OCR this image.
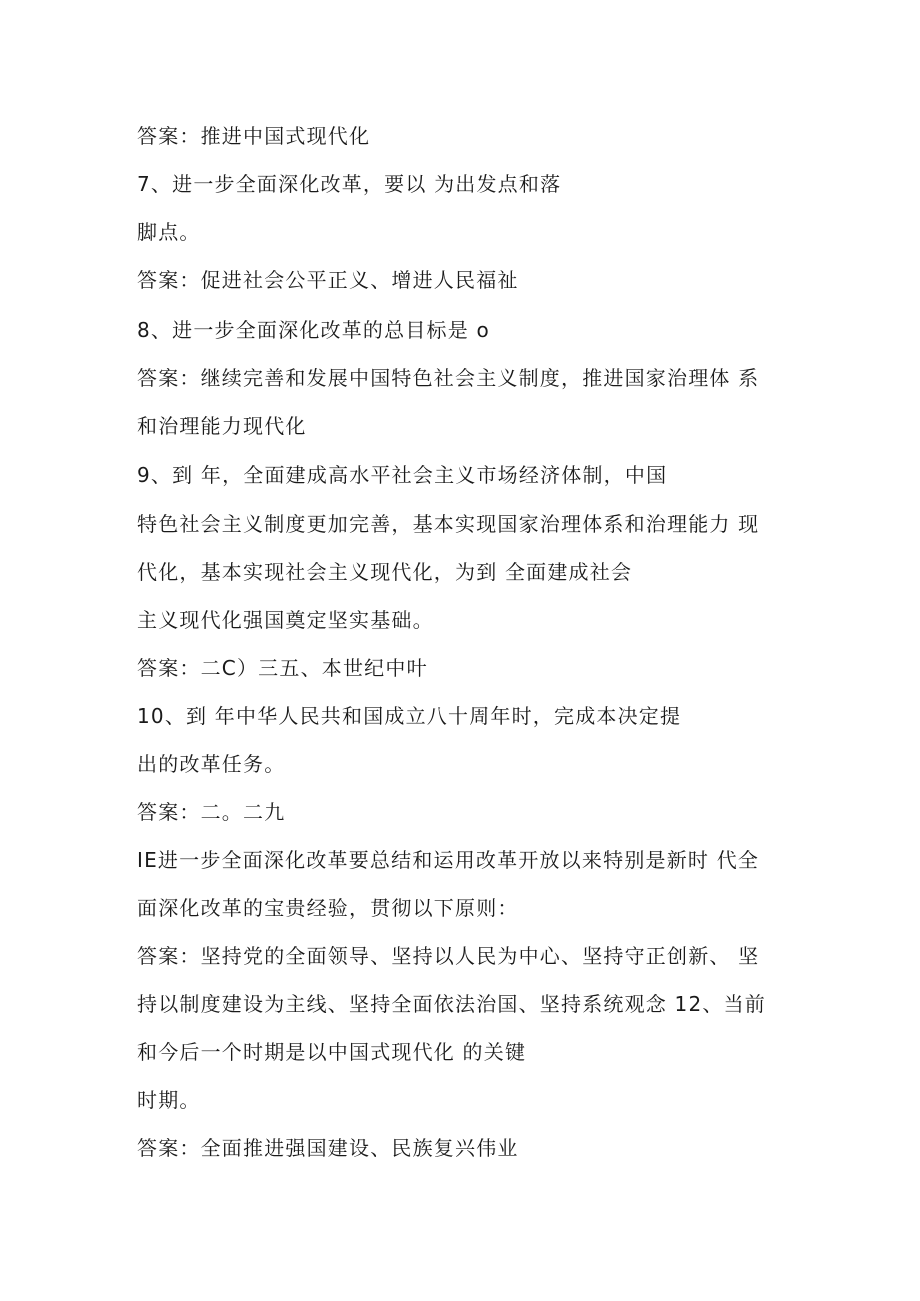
答案：推进中国式现代化
7、进一步全面深化改革，要以 为出发点和落
脚点。
答案：促进社会公平正义、增进人民福祉
8、进一步全面深化改革的总目标是 o
答案：继续完善和发展中国特色社会主义制度，推进国家治理体 系
和治理能力现代化
9、到 年，全面建成高水平社会主义市场经济体制，中国
特色社会主义制度更加完善，基本实现国家治理体系和治理能力 现
代化，基本实现社会主义现代化，为到 全面建成社会
主义现代化强国奠定坚实基础。
答案：二C）三五、本世纪中叶
10、到 年中华人民共和国成立八十周年时，完成本决定提
出的改革任务。
答案：二。二九
IE进一步全面深化改革要总结和运用改革开放以来特别是新时 代全
面深化改革的宝贵经验，贯彻以下原则：
答案：坚持党的全面领导、坚持以人民为中心、坚持守正创新、 坚
持以制度建设为主线、坚持全面依法治国、坚持系统观念 12、当前
和今后一个时期是以中国式现代化 的关键
时期。
答案：全面推进强国建设、民族复兴伟业
